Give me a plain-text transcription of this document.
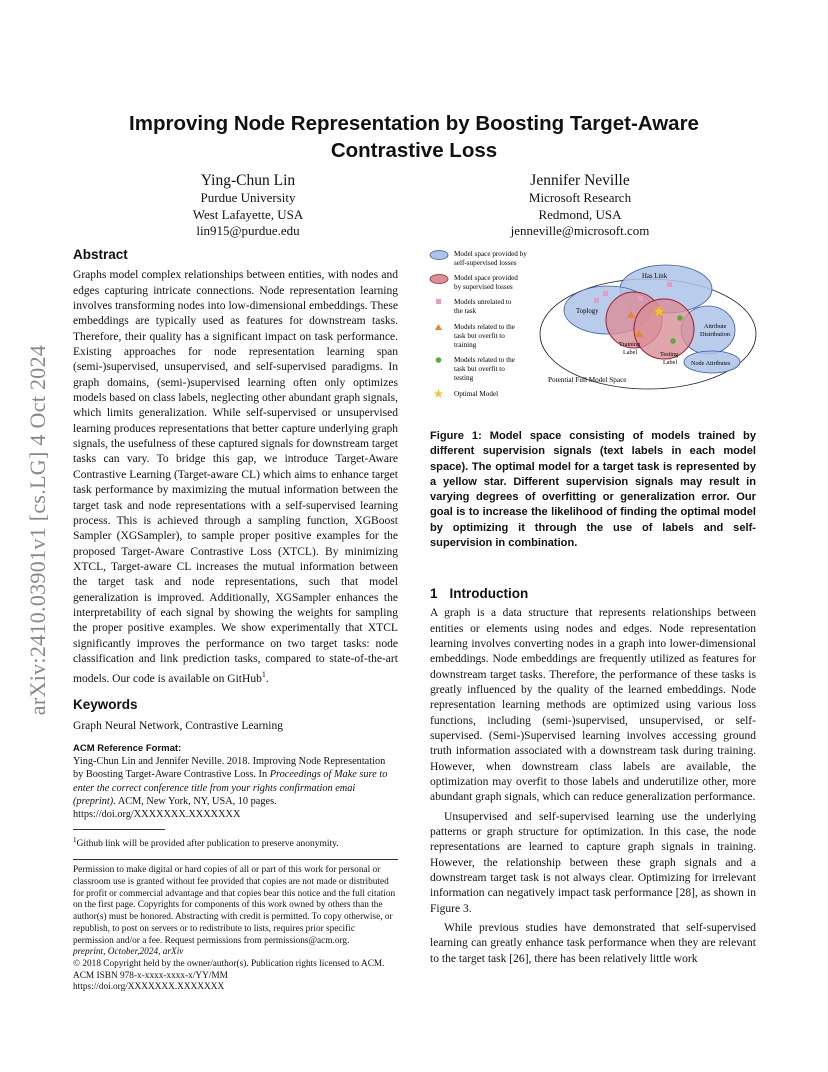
arXiv:2410.03901v1 [cs.LG] 4 Oct 2024
Improving Node Representation by Boosting Target-Aware Contrastive Loss
Ying-Chun Lin
Purdue University
West Lafayette, USA
lin915@purdue.edu
Jennifer Neville
Microsoft Research
Redmond, USA
jenneville@microsoft.com
Abstract

Graphs model complex relationships between entities, with nodes and edges capturing intricate connections. Node representation learning involves transforming nodes into low-dimensional embeddings. These embeddings are typically used as features for downstream tasks. Therefore, their quality has a significant impact on task performance. Existing approaches for node representation learning span (semi-)supervised, unsupervised, and self-supervised paradigms. In graph domains, (semi-)supervised learning often only optimizes models based on class labels, neglecting other abundant graph signals, which limits generalization. While self-supervised or unsupervised learning produces representations that better capture underlying graph signals, the usefulness of these captured signals for downstream target tasks can vary. To bridge this gap, we introduce Target-Aware Contrastive Learning (Target-aware CL) which aims to enhance target task performance by maximizing the mutual information between the target task and node representations with a self-supervised learning process. This is achieved through a sampling function, XGBoost Sampler (XGSampler), to sample proper positive examples for the proposed Target-Aware Contrastive Loss (XTCL). By minimizing XTCL, Target-aware CL increases the mutual information between the target task and node representations, such that model generalization is improved. Additionally, XGSampler enhances the interpretability of each signal by showing the weights for sampling the proper positive examples. We show experimentally that XTCL significantly improves the performance on two target tasks: node classification and link prediction tasks, compared to state-of-the-art models. Our code is available on GitHub$^1$.

Keywords

Graph Neural Network, Contrastive Learning

ACM Reference Format:

Ying-Chun Lin and Jennifer Neville. 2018. Improving Node Representation by Boosting Target-Aware Contrastive Loss. In Proceedings of Make sure to enter the correct conference title from your rights confirmation emai (preprint). ACM, New York, NY, USA, 10 pages. https://doi.org/XXXXXXX.XXXXXXX

$^1$Github link will be provided after publication to preserve anonymity.

Permission to make digital or hard copies of all or part of this work for personal or classroom use is granted without fee provided that copies are not made or distributed for profit or commercial advantage and that copies bear this notice and the full citation on the first page. Copyrights for components of this work owned by others than the author(s) must be honored. Abstracting with credit is permitted. To copy otherwise, or republish, to post on servers or to redistribute to lists, requires prior specific permission and/or a fee. Request permissions from permissions@acm.org.

preprint, October,2024, arXiv

© 2018 Copyright held by the owner/author(s). Publication rights licensed to ACM.

ACM ISBN 978-x-xxxx-xxxx-x/YY/MM

https://doi.org/XXXXXXX.XXXXXXX

Model space provided by
self-supervised losses
Model space provided
by supervised losses
Models unrelated to
the task
Models related to the
task but overfit to
training
Models related to the
task but overfit to
testing
Optimal Model
Potential Full Model Space
Has Link
Toplogy
Attribute
Distribution
Node Attributes
Training
Label	Testing
Label
Figure 1: Model space consisting of models trained by different supervision signals (text labels in each model space). The optimal model for a target task is represented by a yellow star. Different supervision signals may result in varying degrees of overfitting or generalization error. Our goal is to increase the likelihood of finding the optimal model by optimizing it through the use of labels and self-supervision in combination.
1 Introduction

A graph is a data structure that represents relationships between entities or elements using nodes and edges. Node representation learning involves converting nodes in a graph into lower-dimensional embeddings. Node embeddings are frequently utilized as features for downstream target tasks. Therefore, the performance of these tasks is greatly influenced by the quality of the learned embeddings. Node representation learning methods are optimized using various loss functions, including (semi-)supervised, unsupervised, or self-supervised. (Semi-)Supervised learning involves accessing ground truth information associated with a downstream task during training. However, when downstream class labels are available, the optimization may overfit to those labels and underutilize other, more abundant graph signals, which can reduce generalization performance.

Unsupervised and self-supervised learning use the underlying patterns or graph structure for optimization. In this case, the node representations are learned to capture graph signals in training. However, the relationship between these graph signals and a downstream target task is not always clear. Optimizing for irrelevant information can negatively impact task performance [28], as shown in Figure 3.

While previous studies have demonstrated that self-supervised learning can greatly enhance task performance when they are relevant to the target task [26], there has been relatively little work
